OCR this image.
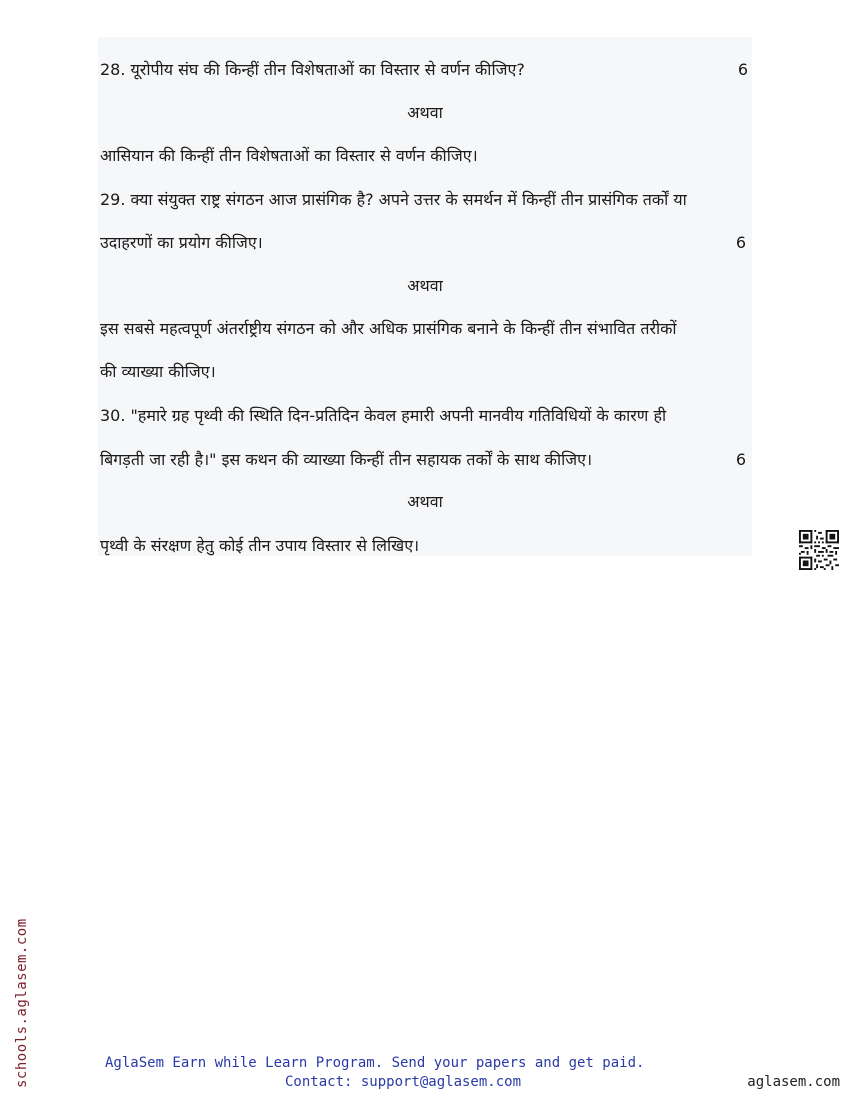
28. यूरोपीय संघ की किन्हीं तीन विशेषताओं का विस्तार से वर्णन कीजिए?	6
अथवा
आसियान की किन्हीं तीन विशेषताओं का विस्तार से वर्णन कीजिए।
29. क्या संयुक्त राष्ट्र संगठन आज प्रासंगिक है? अपने उत्तर के समर्थन में किन्हीं तीन प्रासंगिक तर्कों या
उदाहरणों का प्रयोग कीजिए।	6
अथवा
इस सबसे महत्वपूर्ण अंतर्राष्ट्रीय संगठन को और अधिक प्रासंगिक बनाने के किन्हीं तीन संभावित तरीकों
की व्याख्या कीजिए।
30. "हमारे ग्रह पृथ्वी की स्थिति दिन-प्रतिदिन केवल हमारी अपनी मानवीय गतिविधियों के कारण ही
बिगड़ती जा रही है।" इस कथन की व्याख्या किन्हीं तीन सहायक तर्कों के साथ कीजिए।	6
अथवा
पृथ्वी के संरक्षण हेतु कोई तीन उपाय विस्तार से लिखिए।
schools.aglasem.com	AglaSem Earn while Learn Program. Send your papers and get paid.
Contact: support@aglasem.com	aglasem.com
